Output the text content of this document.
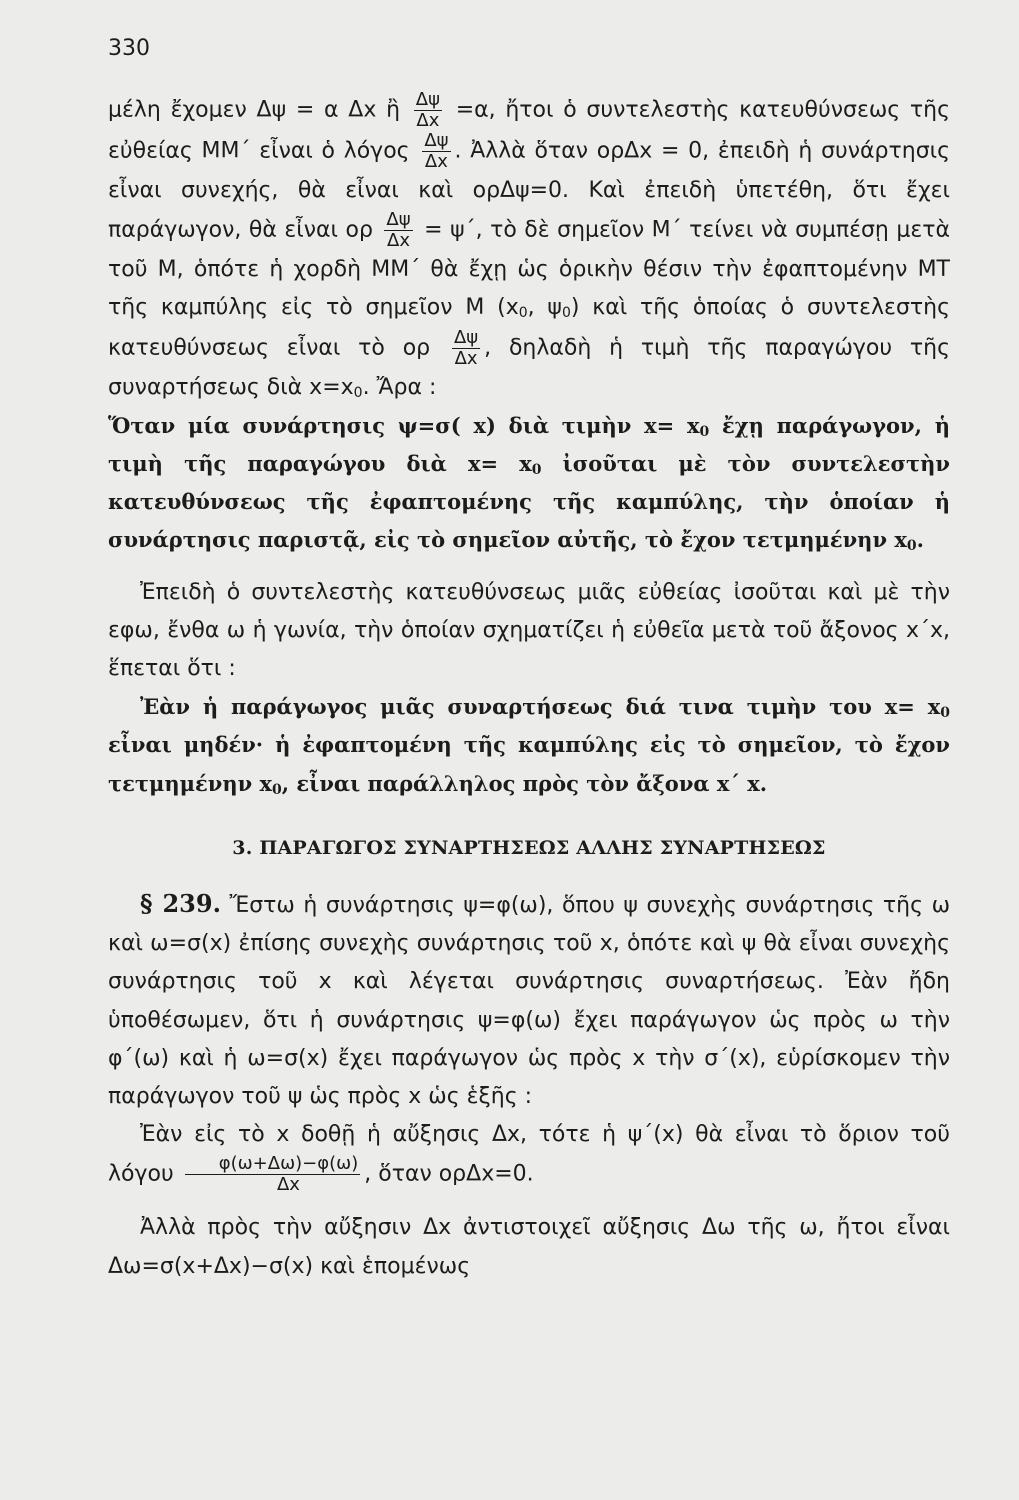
330

μέλη ἔχομεν Δψ = α Δx ἢ $\frac{\Delta\psi}{\Delta x} =\alpha$, ἤτοι ὁ συντελεστὴς κατευθύνσεως τῆς εὐθείας ΜΜ΄ εἶναι ὁ λόγος $\frac{\Delta\psi}{\Delta x}$ . Ἀλλὰ ὅταν ορΔx = 0, ἐπειδὴ ἡ συνάρτησις εἶναι συνεχής, θὰ εἶναι καὶ ορΔψ=0. Καὶ ἐπειδὴ ὑπετέθη, ὅτι ἔχει παράγωγον, θὰ εἶναι ορ $\frac{\Delta\psi}{\Delta x} = \psi΄$, τὸ δὲ σημεῖον Μ΄ τείνει νὰ συμπέσῃ μετὰ τοῦ Μ, ὁπότε ἡ χορδὴ ΜΜ΄ θὰ ἔχῃ ὡς ὁρικὴν θέσιν τὴν ἐφαπτομένην ΜΤ τῆς καμπύλης εἰς τὸ σημεῖον Μ ($x_0$, $\psi_0$) καὶ τῆς ὁποίας ὁ συντελεστὴς κατευθύνσεως εἶναι τὸ ορ $\frac{\Delta\psi}{\Delta x}$ , δηλαδὴ ἡ τιμὴ τῆς παραγώγου τῆς συναρτήσεως διὰ $x=x_0$. Ἄρα :

Ὅταν μία συνάρτησις ψ=σ( x) διὰ τιμὴν $x= x_0$ ἔχῃ παράγωγον, ἡ τιμὴ τῆς παραγώγου διὰ $x= x_0$ ἰσοῦται μὲ τὸν συντελεστὴν κατευθύνσεως τῆς ἐφαπτομένης τῆς καμπύλης, τὴν ὁποίαν ἡ συνάρτησις παριστᾷ, εἰς τὸ σημεῖον αὐτῆς, τὸ ἔχον τετμημένην $x_0$.

Ἐπειδὴ ὁ συντελεστὴς κατευθύνσεως μιᾶς εὐθείας ἰσοῦται καὶ μὲ τὴν εφω, ἔνθα ω ἡ γωνία, τὴν ὁποίαν σχηματίζει ἡ εὐθεῖα μετὰ τοῦ ἄξονος x΄x, ἕπεται ὅτι :

Ἐὰν ἡ παράγωγος μιᾶς συναρτήσεως διά τινα τιμὴν του $x= x_0$ εἶναι μηδέν· ἡ ἐφαπτομένη τῆς καμπύλης εἰς τὸ σημεῖον, τὸ ἔχον τετμημένην $x_0$, εἶναι παράλληλος πρὸς τὸν ἄξονα x΄ x.

3. ΠΑΡΑΓΩΓΟΣ ΣΥΝΑΡΤΗΣΕΩΣ ΑΛΛΗΣ ΣΥΝΑΡΤΗΣΕΩΣ

§ 239. Ἔστω ἡ συνάρτησις ψ=φ(ω), ὅπου ψ συνεχὴς συνάρτησις τῆς ω καὶ ω=σ(x) ἐπίσης συνεχὴς συνάρτησις τοῦ x, ὁπότε καὶ ψ θὰ εἶναι συνεχὴς συνάρτησις τοῦ x καὶ λέγεται συνάρτησις συναρτήσεως. Ἐὰν ἤδη ὑποθέσωμεν, ὅτι ἡ συνάρτησις ψ=φ(ω) ἔχει παράγωγον ὡς πρὸς ω τὴν φ΄(ω) καὶ ἡ ω=σ(x) ἔχει παράγωγον ὡς πρὸς x τὴν σ΄(x), εὑρίσκομεν τὴν παράγωγον τοῦ ψ ὡς πρὸς x ὡς ἑξῆς :

Ἐὰν εἰς τὸ x δοθῇ ἡ αὔξησις Δx, τότε ἡ ψ΄(x) θὰ εἶναι τὸ ὅριον τοῦ λόγου $\frac{\varphi(\omega+\Delta\omega)-\varphi(\omega)}{\Delta x}$ , ὅταν ορΔx=0.

Ἀλλὰ πρὸς τὴν αὔξησιν Δx ἀντιστοιχεῖ αὔξησις Δω τῆς ω, ἤτοι εἶναι Δω=σ(x+Δx)−σ(x) καὶ ἑπομένως
